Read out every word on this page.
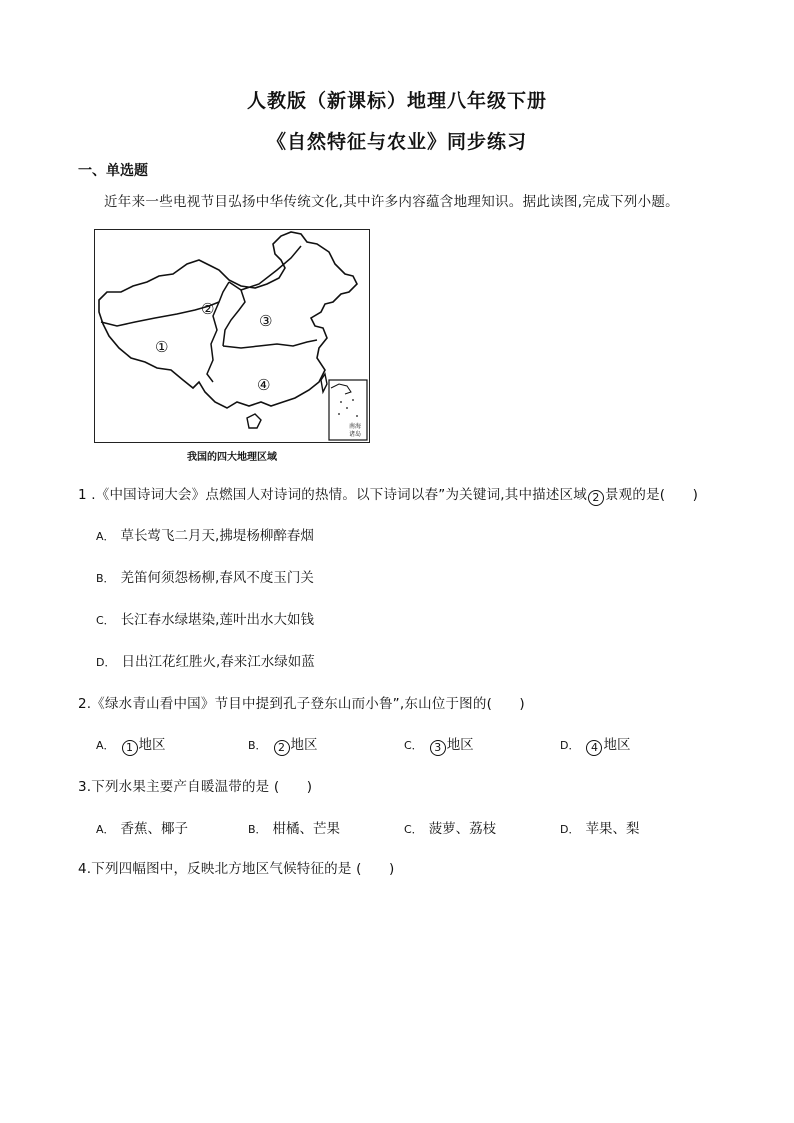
人教版（新课标）地理八年级下册
《自然特征与农业》同步练习
一、单选题
近年来一些电视节目弘扬中华传统文化,其中许多内容蕴含地理知识。据此读图,完成下列小题。
①
②
③
④
南海
诸岛
我国的四大地理区域
1 .《中国诗词大会》点燃国人对诗词的热情。以下诗词以春”为关键词,其中描述区域 2 景观的是(　　)
A． 草长莺飞二月天,拂堤杨柳醉春烟
B． 羌笛何须怨杨柳,春风不度玉门关
C． 长江春水绿堪染,莲叶出水大如钱
D． 日出江花红胜火,春来江水绿如蓝
2.《绿水青山看中国》节目中提到孔子登东山而小鲁”,东山位于图的(　　)
A． 1 地区	B． 2 地区	C． 3 地区	D． 4 地区
3.下列水果主要产自暖温带的是 (　　)
A． 香蕉、椰子	B． 柑橘、芒果	C． 菠萝、荔枝	D． 苹果、梨
4.下列四幅图中，反映北方地区气候特征的是 (　　)
